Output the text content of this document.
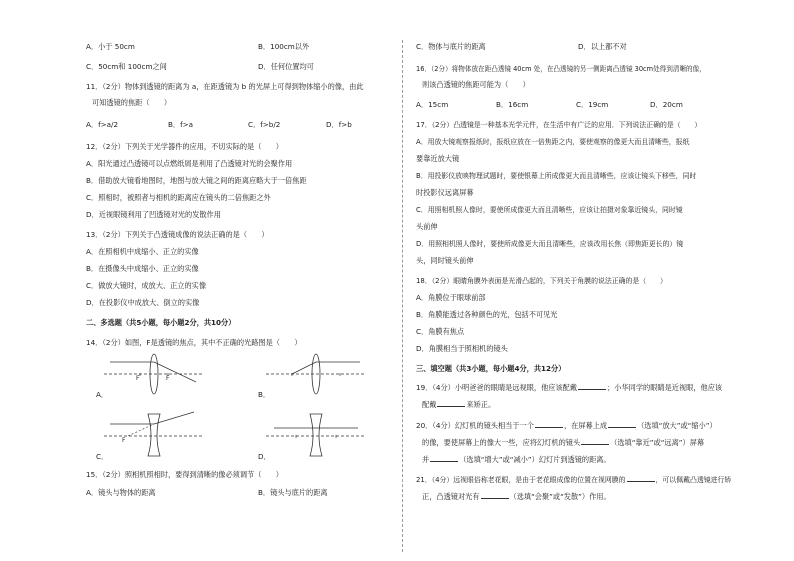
A．小于 50cm	B．100cm以外
C．50cm和 100cm之间	D．任何位置均可
11．（2分）物体到透镜的距离为 a，在距透镜为 b 的光屏上可得到物体缩小的像，由此
可知透镜的焦距（　　）
A．f>a/2	B．f>a	C．f>b/2	D．f>b
12．（2分）下列关于光学器件的应用，不切实际的是（　　）
A．阳光通过凸透镜可以点燃纸屑是利用了凸透镜对光的会聚作用
B．借助放大镜看地图时，地图与放大镜之间的距离应略大于一倍焦距
C．照相时，被照者与相机的距离应在镜头的二倍焦距之外
D．近视眼镜利用了凹透镜对光的发散作用
13．（2分）下列关于凸透镜成像的说法正确的是（　　）
A．在照相机中成缩小、正立的实像
B．在摄像头中成缩小、正立的实像
C．做放大镜时，成放大、正立的实像
D．在投影仪中成放大、倒立的实像
二、多选题（共5小题，每小题2分，共10分）
14．（2分）如图，F是透镜的焦点，其中不正确的光路图是（　　）
F	F
A．	B．
F
C．	D．
15．（2分）照相机照相时，要得到清晰的像必须调节（　　）
A．镜头与物体的距离	B．镜头与底片的距离
C．物体与底片的距离	D．以上都不对
16．（2分）将物体放在距凸透镜 40cm 处，在凸透镜的另一侧距离凸透镜 30cm处得到清晰的像，
则该凸透镜的焦距可能为（　　）
A．15cm	B．16cm	C．19cm	D．20cm
17．（2分）凸透镜是一种基本光学元件，在生活中有广泛的应用．下列说法正确的是（　　）
A．用放大镜观察报纸时，报纸应放在一倍焦距之内，要使观察的像更大而且清晰些，报纸
要靠近放大镜
B．用投影仪放映物理试题时，要使银幕上所成像更大而且清晰些，应该让镜头下移些，同时
时投影仪远离屏幕
C．用照相机照人像时，要使所成像更大而且清晰些，应该让拍摄对象靠近镜头，同时镜
头前伸
D．用照相机照人像时，要使所成像更大而且清晰些，应该改用长焦（即焦距更长的）镜
头，同时镜头前伸
18．（2分）眼睛角膜外表面是光滑凸起的，下列关于角膜的说法正确的是（　　）
A．角膜位于眼球前部
B．角膜能透过各种颜色的光，包括不可见光
C．角膜有焦点
D．角膜相当于照相机的镜头
三、填空题（共3小题，每小题4分，共12分）
19．（4分）小明爸爸的眼睛是远视眼，他应该配戴	；小华同学的眼睛是近视眼，他应该
配戴	来矫正。
20．（4分）幻灯机的镜头相当于一个	，在屏幕上成	（选填“放大”或“缩小”）
的像，要使屏幕上的像大一些，应将幻灯机的镜头	（选填“靠近”或“远离”）屏幕
并	（选填“增大”或“减小”）幻灯片到透镜的距离。
21．（4分）远视眼俗称老花眼，是由于老花眼成像的位置在视网膜的	，可以佩戴凸透镜进行矫
正，凸透镜对光有	（选填“会聚”或“发散”）作用。
